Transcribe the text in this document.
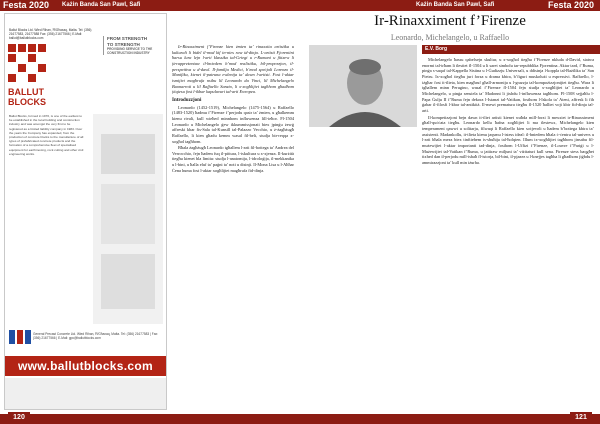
Festa 2020 Każin Banda San Pawl, Safi
Ballut Blocks Ltd. Wied Rihan, Ħ/Għaxaq, Malta. Tel: (356) 21677583, 21677588 Fax: (356) 21677566 | E-Mail: ballut@ballutblocks.com	FROM STRENGTH
TO STRENGTH
PROVIDING SERVICE TO THE CONSTRUCTION INDUSTRY
BALLUT
BLOCKS
Ballut Blocks, formed in 1970, is one of the earliest to be established in the local building and construction industry and was amongst the very first to be registered as a limited liability company in 1983. Over the years the Company has expanded, from the production of concrete blocks to the manufacture of all types of prefabricated concrete products and the formation of a comprehensive fleet of specialised equipment for earthmoving, rock cutting and other civil engineering works.
General Precast Concrete Ltd. Wied Rihan, Ħ/Għaxaq, Malta. Tel: (356) 21677583 | Fax: (356) 21677566 | E-Mail: gpc@ballutblocks.com
www.ballutblocks.com

Ir-Rinaxximent f’Firenze kien żmien ta’ rinaxxita artistika u kulturali li bidel il-mod kif in-nies raw id-dinja. L-artisti Fjorentini ħarsu lura lejn l-arti klassika tal-Griegi u r-Rumani u fittxew li jirrappreżentaw il-bniedem b’mod realistiku, bil-proporzjon, il-perspettiva u d-dawl. Il-familja Medici, b’mod speċjali Lorenzo il-Manifiku, kienet il-patruna ewlenija ta’ dawn l-artisti. Fost l-aktar ismijiet magħrufa nsibu lil Leonardo da Vinci, lil Michelangelo Buonarroti u lil Raffaello Sanzio, li x-xogħlijiet tagħhom għadhom jitqiesu fost l-ikbar kapulavuri tal-arti Ewropea.

Introduzzjoni

Leonardo (1452-1519), Michelangelo (1475-1564) u Raffaello (1483-1520) ħadmu f’Firenze f’perjodu qasir ta’ żmien, u għalkemm kienu rivali, kull wieħed minnhom influwenza lill-ieħor. Fl-1504 Leonardo u Michelangelo ġew ikkummissjonati biex jpinġu żewġ affreski kbar fis-Sala tal-Kunsill tal-Palazzo Vecchio, u ż-żagħżugħ Raffaello, li kien għadu kemm wasal fil-belt, studja bir-reqqa x-xogħol tagħhom.

Bħala żagħżugħ Leonardo tgħallem l-arti fil-bottega ta’ Andrea del Verrocchio, fejn ħadem fuq il-pittura, l-iskultura u x-xjenza. Il-kurżità tiegħu kienet bla limitu: studja l-anatomija, l-idroloġija, il-mekkanika u l-bini, u ħalla eluf ta’ paġni ta’ noti u disinji. Il-Mona Lisa u l-Aħħar Ċena huma fost l-aktar xogħlijiet magħrufa fid-dinja.

120
Każin Banda San Pawl, Safi	Festa 2020
Ir-Rinaxximent f’Firenze
Leonardo, Michelangelo, u Raffaello
E.V. Borg

Michelangelo ħassu qabelxejn skultur, u x-xogħol tiegħu f’Firenze nkluda d-David, statwa enormi tal-irħam li tlestiet fl-1504 u li saret simbolu tar-repubblika Fjorentina. Aktar tard, f’Ruma, pinġa s-saqaf tal-Kappella Sistina u l-Ġudizzju Universali, u ddisinja l-koppla tal-Bażilika ta’ San Pietru. Ix-xogħol tiegħu juri forza u drama kbira, b’figuri muskolużi u espressivi. Raffaello, l-iżgħar fost it-tlieta, kien magħruf għall-armonija u l-grazzja tal-kompożizzjonijiet tiegħu. Wara li tgħallem minn Perugino, wasal f’Firenze fl-1504 fejn studja x-xogħlijiet ta’ Leonardo u Michelangelo, u pinġa sensiela ta’ Madonni li jixhdu l-influwenza tagħhom. Fl-1508 sejjaħlu l-Papa Ġulju II f’Ruma fejn dekora l-Istanzi tal-Vatikan, fosthom l-Iskola ta’ Ateni, affresk li fih ġabar il-filosfi l-kbar tal-antikità. Il-mewt prematura tiegħu fl-1520 ħalliet vojt kbir fid-dinja tal-arti.

Il-kompetizzjoni bejn dawn it-tliet artisti kienet waħda mill-forzi li mexxiet ir-Rinaxximent għall-quċċata tiegħu. Leonardo kellu ħafna xogħlijiet li ma tlestewx, Michelangelo kien temperament qawwi u solitarju, filwaqt li Raffaello kien soċjevoli u ħadem b’bottega kbira ta’ assistenti. Madankollu, it-tlieta kienu jaqsmu l-istess ideal: il-bniedem bħala ċ-ċentru tal-univers u l-arti bħala mezz biex tinftiehem is-sbuħija tal-ħolqien. Illum ix-xogħlijiet tagħhom jinsabu fil-mużewijiet l-aktar importanti tad-dinja, fosthom l-Uffizi f’Firenze, il-Louvre f’Pariġi u l-Mużewijiet tal-Vatikan f’Ruma, u jattiraw miljuni ta’ viżitaturi kull sena. Firenze stess baqgħet tixhed dan il-perjodu mill-isbaħ fl-istorja, bil-bini, il-pjazez u l-knejjes tagħha li għadhom jiġbdu l-ammirazzjoni ta’ kull min iżurha.

121
